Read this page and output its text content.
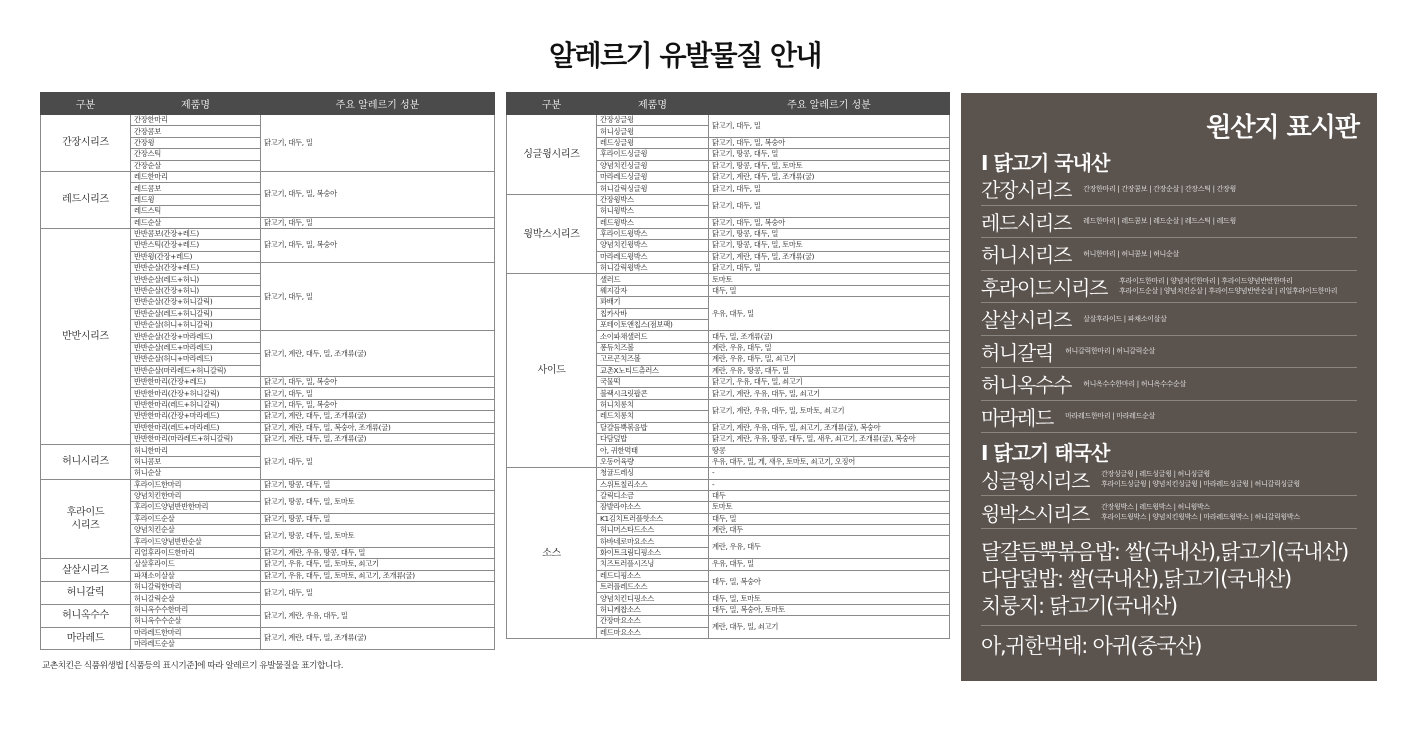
알레르기 유발물질 안내
구분	제품명	주요 알레르기 성분
간장시리즈	간장한마리	닭고기, 대두, 밀
	간장콤보	
	간장윙	
	간장스틱	
	간장순살	
레드시리즈	레드한마리	닭고기, 대두, 밀, 복숭아
	레드콤보	
	레드윙	
	레드스틱	
	레드순살	닭고기, 대두, 밀
반반시리즈	반반콤보(간장+레드)	닭고기, 대두, 밀, 복숭아
	반반스틱(간장+레드)	
	반반윙(간장+레드)	
	반반순살(간장+레드)	닭고기, 대두, 밀
	반반순살(레드+허니)	
	반반순살(간장+허니)	
	반반순살(간장+허니갈릭)	
	반반순살(레드+허니갈릭)	
	반반순살(허니+허니갈릭)	
	반반순살(간장+마라레드)	닭고기, 계란, 대두, 밀, 조개류(굴)
	반반순살(레드+마라레드)	
	반반순살(허니+마라레드)	
	반반순살(마라레드+허니갈릭)	
	반반한마리(간장+레드)	닭고기, 대두, 밀, 복숭아
	반반한마리(간장+허니갈릭)	닭고기, 대두, 밀
	반반한마리(레드+허니갈릭)	닭고기, 대두, 밀, 복숭아
	반반한마리(간장+마라레드)	닭고기, 계란, 대두, 밀, 조개류(굴)
	반반한마리(레드+마라레드)	닭고기, 계란, 대두, 밀, 복숭아, 조개류(굴)
	반반한마리(마라레드+허니갈릭)	닭고기, 계란, 대두, 밀, 조개류(굴)
허니시리즈	허니한마리	닭고기, 대두, 밀
	허니콤보	
	허니순살	
후라이드
시리즈	후라이드한마리	닭고기, 땅콩, 대두, 밀
	양념치킨한마리	닭고기, 땅콩, 대두, 밀, 토마토
	후라이드양념반반한마리	
	후라이드순살	닭고기, 땅콩, 대두, 밀
	양념치킨순살	닭고기, 땅콩, 대두, 밀, 토마토
	후라이드양념반반순살	
	리얼후라이드한마리	닭고기, 계란, 우유, 땅콩, 대두, 밀
살살시리즈	살살후라이드	닭고기, 우유, 대두, 밀, 토마토, 쇠고기
	파채소이살살	닭고기, 우유, 대두, 밀, 토마토, 쇠고기, 조개류(굴)
허니갈릭	허니갈릭한마리	닭고기, 대두, 밀
	허니갈릭순살	
허니옥수수	허니옥수수한마리	닭고기, 계란, 우유, 대두, 밀
	허니옥수수순살	
마라레드	마라레드한마리	닭고기, 계란, 대두, 밀, 조개류(굴)
	마라레드순살	
구분	제품명	주요 알레르기 성분
싱글윙시리즈	간장싱글윙	닭고기, 대두, 밀
	허니싱글윙	
	레드싱글윙	닭고기, 대두, 밀, 복숭아
	후라이드싱글윙	닭고기, 땅콩, 대두, 밀
	양념치킨싱글윙	닭고기, 땅콩, 대두, 밀, 토마토
	마라레드싱글윙	닭고기, 계란, 대두, 밀, 조개류(굴)
	허니갈릭싱글윙	닭고기, 대두, 밀
윙박스시리즈	간장윙박스	닭고기, 대두, 밀
	허니윙박스	
	레드윙박스	닭고기, 대두, 밀, 복숭아
	후라이드윙박스	닭고기, 땅콩, 대두, 밀
	양념치킨윙박스	닭고기, 땅콩, 대두, 밀, 토마토
	마라레드윙박스	닭고기, 계란, 대두, 밀, 조개류(굴)
	허니갈릭윙박스	닭고기, 대두, 밀
사이드	샐러드	토마토
	웨지감자	대두, 밀
	꽈배기	우유, 대두, 밀
	칩카사바	
	포테이토앤칩스(점보팩)	
	소이파채샐러드	대두, 밀, 조개류(굴)
	퐁듀치즈볼	계란, 우유, 대두, 밀
	고르곤치즈볼	계란, 우유, 대두, 밀, 쇠고기
	교촌X노티드츄러스	계란, 우유, 땅콩, 대두, 밀
	국물떡	닭고기, 우유, 대두, 밀, 쇠고기
	블랙시크릿팝콘	닭고기, 계란, 우유, 대두, 밀, 쇠고기
	허니치롱치	닭고기, 계란, 우유, 대두, 밀, 토마토, 쇠고기
	레드치롱치	
	달걀듬뿍볶음밥	닭고기, 계란, 우유, 대두, 밀, 쇠고기, 조개류(굴), 복숭아
	다담덮밥	닭고기, 계란, 우유, 땅콩, 대두, 밀, 새우, 쇠고기, 조개류(굴), 복숭아
	아, 귀한먹태	땅콩
	오동어육량	우유, 대두, 밀, 게, 새우, 토마토, 쇠고기, 오징어
소스	청귤드레싱	-
	스위트칠리소스	-
	갈릭디소금	대두
	잠발라야소스	토마토
	K1김치트러플핫소스	대두, 밀
	허니머스타드소스	계란, 대두
	하바네로마요소스	계란, 우유, 대두
	화이트크림디핑소스	
	치즈트러플시즈닝	우유, 대두, 밀
	레드디핑소스	대두, 밀, 복숭아
	트러플레드소스	
	양념치킨디핑소스	대두, 밀, 토마토
	허니케찹소스	대두, 밀, 복숭아, 토마토
	간장마요소스	계란, 대두, 밀, 쇠고기
	레드마요소스	
교촌치킨은 식품위생법 [식품등의 표시기준]에 따라 알레르기 유발물질을 표기합니다.
원산지 표시판
I 닭고기 국내산
간장시리즈 간장한마리 | 간장콤보 | 간장순살 | 간장스틱 | 간장윙
레드시리즈 레드한마리 | 레드콤보 | 레드순살 | 레드스틱 | 레드윙
허니시리즈 허니한마리 | 허니콤보 | 허니순살
후라이드시리즈 후라이드한마리 | 양념치킨한마리 | 후라이드양념반반한마리
후라이드순살 | 양념치킨순살 | 후라이드양념반반순살 | 리얼후라이드한마리
살살시리즈 살살후라이드 | 파채소이살살
허니갈릭 허니갈릭한마리 | 허니갈릭순살
허니옥수수 허니옥수수한마리 | 허니옥수수순살
마라레드 마라레드한마리 | 마라레드순살
I 닭고기 태국산
싱글윙시리즈 간장싱글윙 | 레드싱글윙 | 허니싱글윙
후라이드싱글윙 | 양념치킨싱글윙 | 마라레드싱글윙 | 허니갈릭싱글윙
윙박스시리즈 간장윙박스 | 레드윙박스 | 허니윙박스
후라이드윙박스 | 양념치킨윙박스 | 마라레드윙박스 | 허니갈릭윙박스
달걀듬뿍볶음밥: 쌀(국내산),닭고기(국내산)
다담덮밥: 쌀(국내산),닭고기(국내산)
치룽지: 닭고기(국내산)
아,귀한먹태: 아귀(중국산)
